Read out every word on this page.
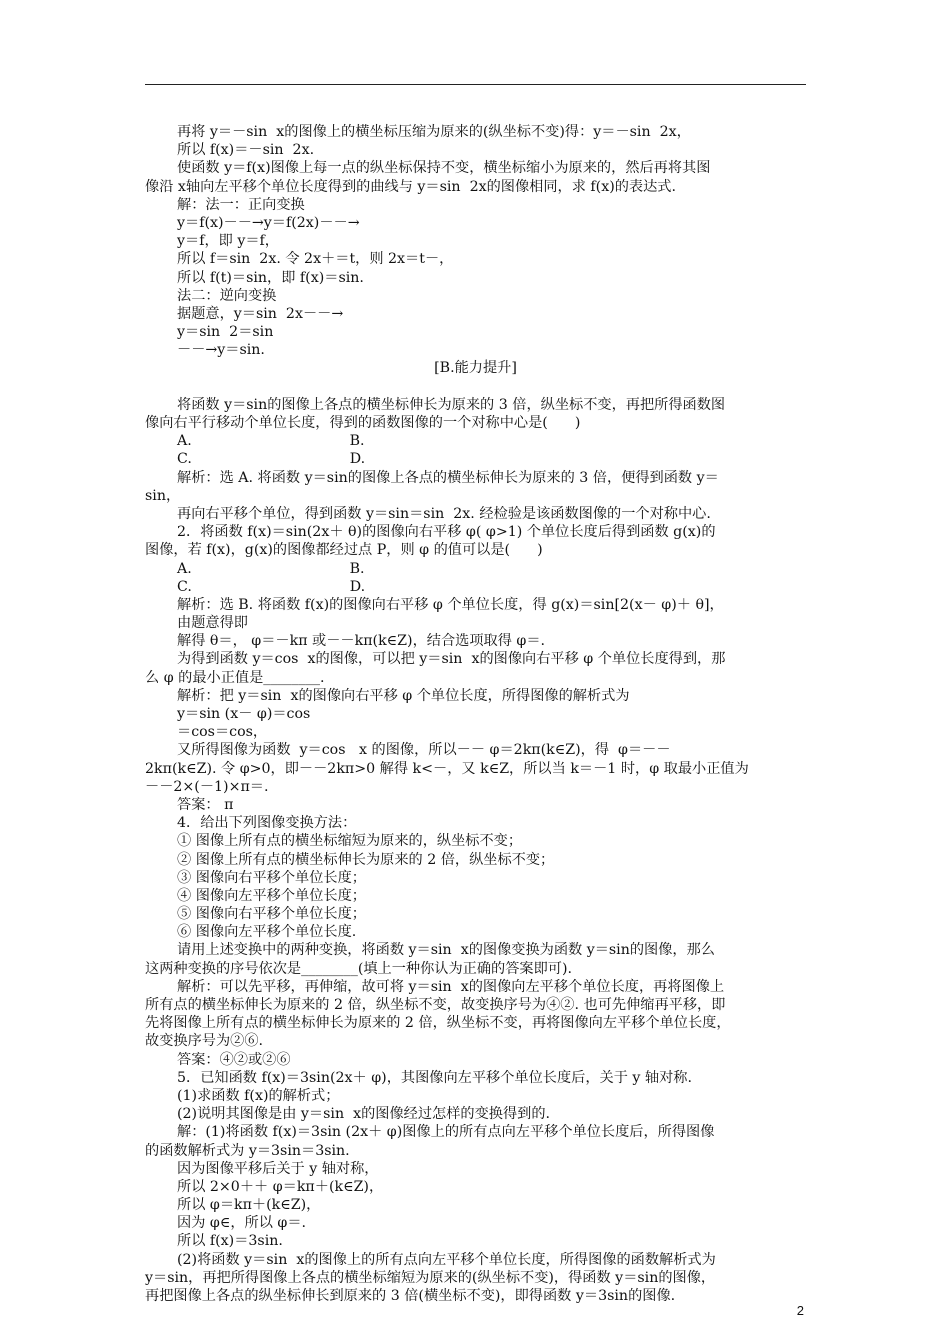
再将 y＝－sin  x的图像上的横坐标压缩为原来的(纵坐标不变)得：y＝－sin  2x，
所以 f(x)＝－sin  2x.
使函数 y＝f(x)图像上每一点的纵坐标保持不变，横坐标缩小为原来的，然后再将其图
像沿 x轴向左平移个单位长度得到的曲线与 y＝sin  2x的图像相同，求 f(x)的表达式.
解：法一：正向变换
y＝f(x)－－→y＝f(2x)－－→
y＝f，即 y＝f，
所以 f＝sin  2x. 令 2x＋＝t，则 2x＝t－，
所以 f(t)＝sin，即 f(x)＝sin.
法二：逆向变换
据题意，y＝sin  2x－－→
y＝sin  2＝sin
－－→y＝sin.
[B.能力提升]
将函数 y＝sin的图像上各点的横坐标伸长为原来的 3 倍，纵坐标不变，再把所得函数图
像向右平行移动个单位长度，得到的函数图像的一个对称中心是(      )
A.                                   B.
C.                                   D.
解析：选 A. 将函数 y＝sin的图像上各点的横坐标伸长为原来的 3 倍，便得到函数 y＝
sin，
再向右平移个单位，得到函数 y＝sin＝sin  2x. 经检验是该函数图像的一个对称中心.
2．将函数 f(x)＝sin(2x＋ θ)的图像向右平移 φ( φ>1) 个单位长度后得到函数 g(x)的
图像，若 f(x)，g(x)的图像都经过点 P，则 φ 的值可以是(      )
A.                                   B.
C.                                   D.
解析：选 B. 将函数 f(x)的图像向右平移 φ 个单位长度，得 g(x)＝sin[2(x－ φ)＋ θ]，
由题意得即
解得 θ＝， φ＝－kπ 或－－kπ(k∈Z)，结合选项取得 φ＝.
为得到函数 y＝cos  x的图像，可以把 y＝sin  x的图像向右平移 φ 个单位长度得到，那
么 φ 的最小正值是________.
解析：把 y＝sin  x的图像向右平移 φ 个单位长度，所得图像的解析式为
y＝sin (x－ φ)＝cos
＝cos＝cos，
又所得图像为函数  y＝cos   x 的图像，所以－－ φ＝2kπ(k∈Z)，得  φ＝－－
2kπ(k∈Z). 令 φ>0，即－－2kπ>0 解得 k<－，又 k∈Z，所以当 k＝－1 时，φ 取最小正值为
－－2×(－1)×π＝.
答案： π
4．给出下列图像变换方法：
① 图像上所有点的横坐标缩短为原来的，纵坐标不变；
② 图像上所有点的横坐标伸长为原来的 2 倍，纵坐标不变；
③ 图像向右平移个单位长度；
④ 图像向左平移个单位长度；
⑤ 图像向右平移个单位长度；
⑥ 图像向左平移个单位长度.
请用上述变换中的两种变换，将函数 y＝sin  x的图像变换为函数 y＝sin的图像，那么
这两种变换的序号依次是________(填上一种你认为正确的答案即可).
解析：可以先平移，再伸缩，故可将 y＝sin  x的图像向左平移个单位长度，再将图像上
所有点的横坐标伸长为原来的 2 倍，纵坐标不变，故变换序号为④②. 也可先伸缩再平移，即
先将图像上所有点的横坐标伸长为原来的 2 倍，纵坐标不变，再将图像向左平移个单位长度，
故变换序号为②⑥.
答案：④②或②⑥
5．已知函数 f(x)＝3sin(2x＋ φ)，其图像向左平移个单位长度后，关于 y 轴对称.
(1)求函数 f(x)的解析式；
(2)说明其图像是由 y＝sin  x的图像经过怎样的变换得到的.
解：(1)将函数 f(x)＝3sin (2x＋ φ)图像上的所有点向左平移个单位长度后，所得图像
的函数解析式为 y＝3sin＝3sin.
因为图像平移后关于 y 轴对称，
所以 2×0＋＋ φ＝kπ＋(k∈Z)，
所以 φ＝kπ＋(k∈Z)，
因为 φ∈，所以 φ＝.
所以 f(x)＝3sin.
(2)将函数 y＝sin  x的图像上的所有点向左平移个单位长度，所得图像的函数解析式为
y＝sin，再把所得图像上各点的横坐标缩短为原来的(纵坐标不变)，得函数 y＝sin的图像，
再把图像上各点的纵坐标伸长到原来的 3 倍(横坐标不变)，即得函数 y＝3sin的图像.
2
